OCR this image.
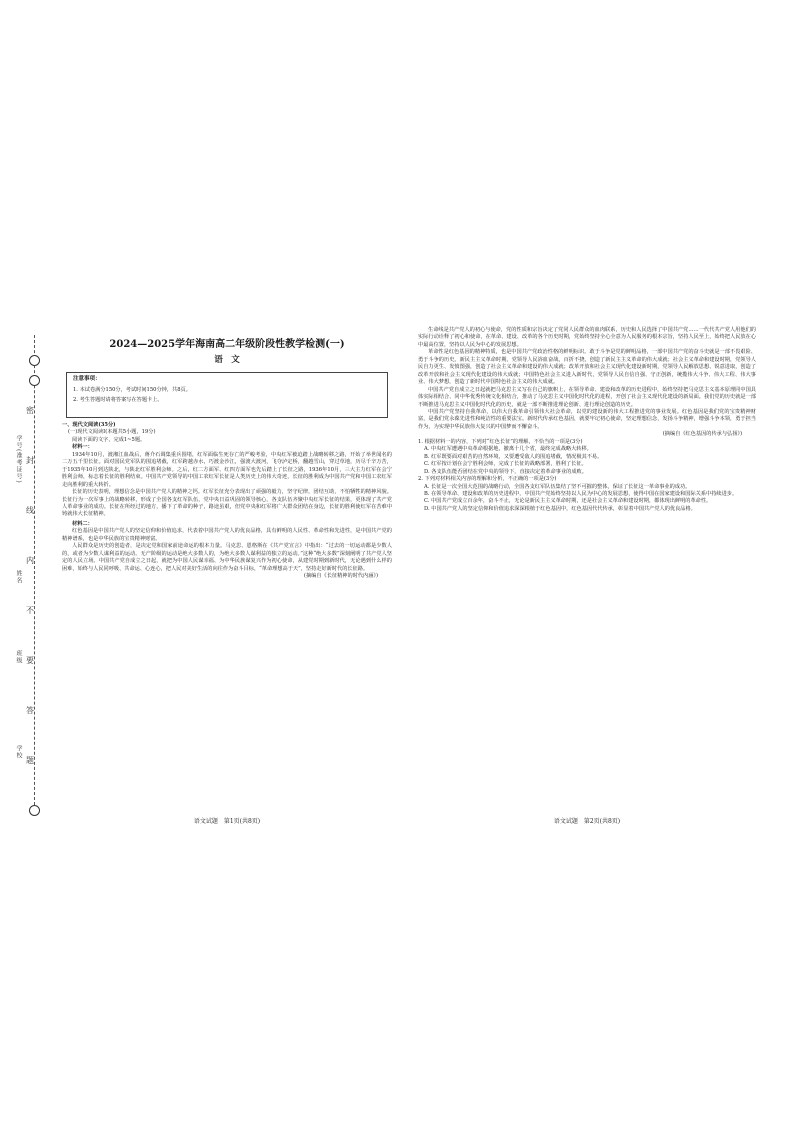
密
封
线
内
不
要
答
题
学号(准考证号)
姓名
班级
学校
2024—2025学年海南高二年级阶段性教学检测(一)
语　文
注意事项：
1. 本试卷满分150分，考试时间150分钟，共8页。
2. 考生答题时请将答案写在答题卡上。
一、现代文阅读(35分)
(一)现代文阅读Ⅰ(本题共5小题，19分)
阅读下面的文字，完成1~5题。
材料一：

1934年10月，渡湘江血战后，蒋介石调集重兵围堵，红军面临生死存亡的严峻考验，中央红军被迫踏上战略转移之路，开始了举世闻名的二万五千里长征。面对国民党军队的围追堵截，红军跨越赤水，巧渡金沙江，强渡大渡河，飞夺泸定桥，翻越雪山，穿过草地，历尽千辛万苦，于1935年10月到达陕北，与陕北红军胜利会师。之后，红二方面军、红四方面军也先后踏上了长征之路，1936年10月，三大主力红军在会宁胜利会师，标志着长征的胜利结束。中国共产党领导的中国工农红军长征是人类历史上的伟大奇迹，长征的胜利成为中国共产党和中国工农红军走向胜利的重大转折。

长征的历史表明，理想信念是中国共产党人的精神之钙。红军长征充分表现出了顽强的毅力，坚守纪律，团结互助，不怕牺牲的精神风貌。长征行为一次军事上的战略转移，形成了全国各支红军队伍，党中央日益巩固的领导核心，各支队伍齐聚中央红军长征的结果，更体现了共产党人革命事业的成功。长征在所经过的地方，播下了革命的种子，路途虽艰，但党中央和红军将广大群众团结在身边，长征的胜利使红军在苦难中铸就伟大长征精神。

材料二：

红色基因是中国共产党人的坚定信仰和价值追求，代表着中国共产党人的优良品格，具有鲜明的人民性、革命性和先进性，是中国共产党的精神谱系，也是中华民族的宝贵精神财富。

人民群众是历史的创造者，是决定党和国家前途命运的根本力量。马克思、恩格斯在《共产党宣言》中指出：“过去的一切运动都是少数人的，或者为少数人谋利益的运动。无产阶级的运动是绝大多数人的，为绝大多数人谋利益的独立的运动。”这种“绝大多数”深刻阐明了共产党人坚定的人民立场。中国共产党自成立之日起，就把为中国人民谋幸福、为中华民族谋复兴作为初心使命，从建党时期到新时代，无论遇到什么样的困难，始终与人民同呼吸、共命运、心连心，把人民对美好生活的向往作为奋斗目标，“革命理想高于天”，坚持走好新时代的长征路。

(摘编自《长征精神的时代内涵》)
语文试题　第1页(共8页)

生命线是共产党人的初心与使命，党的性质和宗旨决定了党同人民群众的血肉联系，历史和人民选择了中国共产党……一代代共产党人用他们的实际行动诠释了初心和使命，在革命、建设、改革的各个历史时期，党始终坚持全心全意为人民服务的根本宗旨，坚持人民至上，始终把人民放在心中最高位置，坚持以人民为中心的发展思想。

革命性是红色基因的精神特质，也是中国共产党政治性格的鲜明标识。敢于斗争是党的鲜明品格，一部中国共产党的奋斗史就是一部不畏艰险、勇于斗争的历史。新民主主义革命时期，党领导人民浴血奋战，百折不挠，创造了新民主主义革命的伟大成就；社会主义革命和建设时期，党领导人民自力更生、发愤图强，创造了社会主义革命和建设的伟大成就；改革开放和社会主义现代化建设新时期，党领导人民解放思想、锐意进取，创造了改革开放和社会主义现代化建设的伟大成就；中国特色社会主义进入新时代，党领导人民自信自强、守正创新，统揽伟大斗争、伟大工程、伟大事业、伟大梦想，创造了新时代中国特色社会主义的伟大成就。

中国共产党自成立之日起就把马克思主义写在自己的旗帜上，在领导革命、建设和改革的历史进程中，始终坚持把马克思主义基本原理同中国具体实际相结合、同中华优秀传统文化相结合，推动了马克思主义中国化时代化的进程，开创了社会主义现代化建设的新局面。我们党的历史就是一部不断推进马克思主义中国化时代化的历史，就是一部不断推进理论创新、进行理论创造的历史。

中国共产党坚持自我革命，以伟大自我革命引领伟大社会革命，以党的建设新的伟大工程推进党的事业发展。红色基因是我们党的宝贵精神财富，是我们党永葆先进性和纯洁性的重要法宝。新时代传承红色基因，就要牢记初心使命，坚定理想信念，发扬斗争精神，增强斗争本领，勇于担当作为，为实现中华民族伟大复兴的中国梦而不懈奋斗。

(摘编自《红色基因的传承与弘扬》)
1. 根据材料一的内容，下列对“红色长征”的理解，不恰当的一项是(3分)
A. 中央红军遭遇中央革命根据地，撤离十几个省，最终完成战略大转移。
B. 红军既要面对艰苦的自然环境，又要遭受敌人的围追堵截，情况极其不易。
C. 红军按计划在会宁胜利会师，完成了长征的战略部署，胜利了长征。
D. 各支队伍能否团结在党中央的领导下，直接决定着革命事业的成败。
2. 下列对材料相关内容的理解和分析，不正确的一项是(3分)
A. 长征是一次全国大范围的战略行动，全国各支红军队伍集结了坚不可摧的整体，保证了长征这一革命事业的成功。
B. 在领导革命、建设和改革的历史进程中，中国共产党始终坚持以人民为中心的发展思想，使得中国在国家建设和国际关系中持续进步。
C. 中国共产党成立百余年，奋斗不止，无论是新民主主义革命时期，还是社会主义革命和建设时期，都体现出鲜明的革命性。
D. 中国共产党人的坚定信仰和价值追求深深根植于红色基因中，红色基因代代传承，彰显着中国共产党人的优良品格。
语文试题　第2页(共8页)
